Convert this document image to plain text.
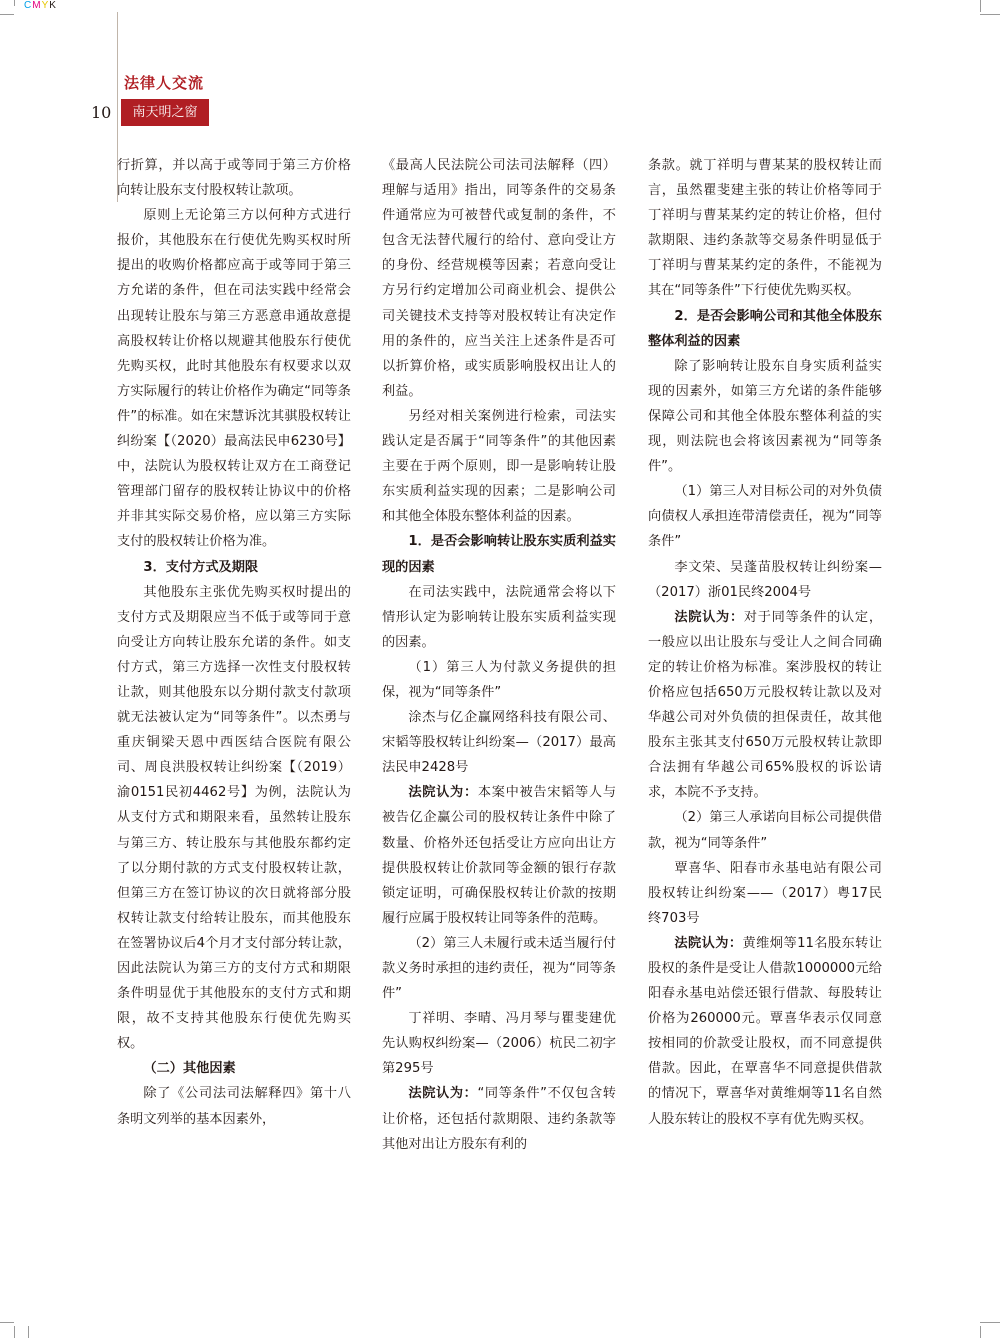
CMYK
法律人交流
10	南天明之窗

行折算，并以高于或等同于第三方价格向转让股东支付股权转让款项。

原则上无论第三方以何种方式进行报价，其他股东在行使优先购买权时所提出的收购价格都应高于或等同于第三方允诺的条件，但在司法实践中经常会出现转让股东与第三方恶意串通故意提高股权转让价格以规避其他股东行使优先购买权，此时其他股东有权要求以双方实际履行的转让价格作为确定“同等条件”的标准。如在宋慧诉沈其骐股权转让纠纷案【（2020）最高法民申6230号】中，法院认为股权转让双方在工商登记管理部门留存的股权转让协议中的价格并非其实际交易价格，应以第三方实际支付的股权转让价格为准。

3．支付方式及期限

其他股东主张优先购买权时提出的支付方式及期限应当不低于或等同于意向受让方向转让股东允诺的条件。如支付方式，第三方选择一次性支付股权转让款，则其他股东以分期付款支付款项就无法被认定为“同等条件”。以杰勇与重庆铜梁天恩中西医结合医院有限公司、周良洪股权转让纠纷案【（2019）渝0151民初4462号】为例，法院认为从支付方式和期限来看，虽然转让股东与第三方、转让股东与其他股东都约定了以分期付款的方式支付股权转让款，但第三方在签订协议的次日就将部分股权转让款支付给转让股东，而其他股东在签署协议后4个月才支付部分转让款，因此法院认为第三方的支付方式和期限条件明显优于其他股东的支付方式和期限，故不支持其他股东行使优先购买权。

（二）其他因素

除了《公司法司法解释四》第十八条明文列举的基本因素外，

《最高人民法院公司法司法解释（四）理解与适用》指出，同等条件的交易条件通常应为可被替代或复制的条件，不包含无法替代履行的给付、意向受让方的身份、经营规模等因素；若意向受让方另行约定增加公司商业机会、提供公司关键技术支持等对股权转让有决定作用的条件的，应当关注上述条件是否可以折算价格，或实质影响股权出让人的利益。

另经对相关案例进行检索，司法实践认定是否属于“同等条件”的其他因素主要在于两个原则，即一是影响转让股东实质利益实现的因素；二是影响公司和其他全体股东整体利益的因素。

1．是否会影响转让股东实质利益实现的因素

在司法实践中，法院通常会将以下情形认定为影响转让股东实质利益实现的因素。

（1）第三人为付款义务提供的担保，视为“同等条件”

涂杰与亿企赢网络科技有限公司、宋韬等股权转让纠纷案—（2017）最高法民申2428号

法院认为：本案中被告宋韬等人与被告亿企赢公司的股权转让条件中除了数量、价格外还包括受让方应向出让方提供股权转让价款同等金额的银行存款锁定证明，可确保股权转让价款的按期履行应属于股权转让同等条件的范畴。

（2）第三人未履行或未适当履行付款义务时承担的违约责任，视为“同等条件”

丁祥明、李晴、冯月琴与瞿斐建优先认购权纠纷案—（2006）杭民二初字第295号

法院认为：“同等条件”不仅包含转让价格，还包括付款期限、违约条款等其他对出让方股东有利的

条款。就丁祥明与曹某某的股权转让而言，虽然瞿斐建主张的转让价格等同于丁祥明与曹某某约定的转让价格，但付款期限、违约条款等交易条件明显低于丁祥明与曹某某约定的条件，不能视为其在“同等条件”下行使优先购买权。

2．是否会影响公司和其他全体股东整体利益的因素

除了影响转让股东自身实质利益实现的因素外，如第三方允诺的条件能够保障公司和其他全体股东整体利益的实现，则法院也会将该因素视为“同等条件”。

（1）第三人对目标公司的对外负债向债权人承担连带清偿责任，视为“同等条件”

李文荣、吴蓬苗股权转让纠纷案—（2017）浙01民终2004号

法院认为：对于同等条件的认定，一般应以出让股东与受让人之间合同确定的转让价格为标准。案涉股权的转让价格应包括650万元股权转让款以及对华越公司对外负债的担保责任，故其他股东主张其支付650万元股权转让款即合法拥有华越公司65%股权的诉讼请求，本院不予支持。

（2）第三人承诺向目标公司提供借款，视为“同等条件”

覃喜华、阳春市永基电站有限公司股权转让纠纷案——（2017）粤17民终703号

法院认为：黄维炯等11名股东转让股权的条件是受让人借款1000000元给阳春永基电站偿还银行借款、每股转让价格为260000元。覃喜华表示仅同意按相同的价款受让股权，而不同意提供借款。因此，在覃喜华不同意提供借款的情况下，覃喜华对黄维炯等11名自然人股东转让的股权不享有优先购买权。
